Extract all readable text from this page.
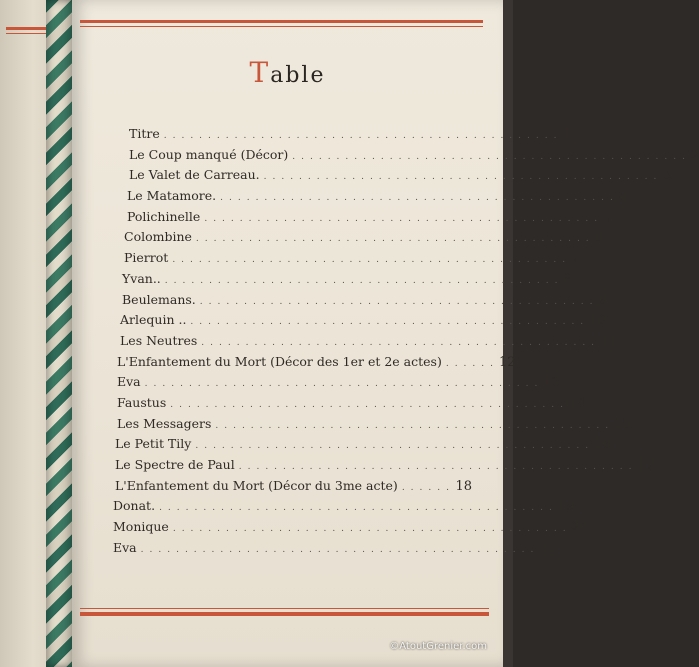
Table
Titre ............................................. 1
Le Coup manqué (Décor) ............................................. 2
Le Valet de Carreau. ............................................. 3
Le Matamore. ............................................. 4
Polichinelle ............................................. 5
Colombine ............................................. 6
Pierrot ............................................. 7
Yvan.. ............................................. 8
Beulemans. ............................................. 9
Arlequin .. ............................................. 10
Les Neutres ............................................. 11
L'Enfantement du Mort (Décor des 1er et 2e actes) ...... 12
Eva ............................................. 13
Faustus ............................................. 14
Les Messagers ............................................. 15
Le Petit Tily ............................................. 16
Le Spectre de Paul ............................................. 17
L'Enfantement du Mort (Décor du 3me acte) ...... 18
Donat. ............................................. 19
Monique ............................................. 20
Eva ............................................. 21
©AtoutGrenier.com
